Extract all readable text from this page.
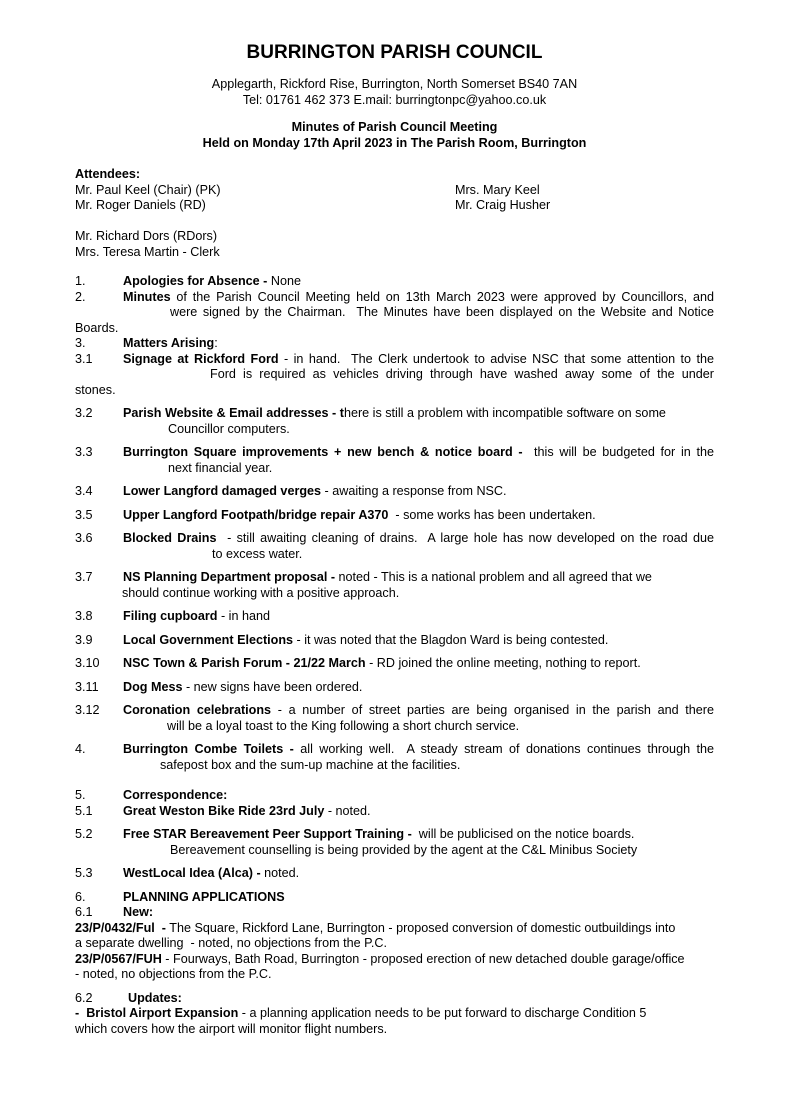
BURRINGTON PARISH COUNCIL
Applegarth, Rickford Rise, Burrington, North Somerset BS40 7AN
Tel: 01761 462 373 E.mail: burringtonpc@yahoo.co.uk
Minutes of Parish Council Meeting
Held on Monday 17th April 2023 in The Parish Room, Burrington
Attendees:
Mr. Paul Keel (Chair) (PK)	Mrs. Mary Keel
Mr. Roger Daniels (RD)	Mr. Craig Husher
Mr. Richard Dors (RDors)
Mrs. Teresa Martin - Clerk
1.	Apologies for Absence - None
2.	Minutes of the Parish Council Meeting held on 13th March 2023 were approved by Councillors, and
were signed by the Chairman.  The Minutes have been displayed on the Website and Notice
Boards.
3.	Matters Arising:
3.1	Signage at Rickford Ford - in hand.  The Clerk undertook to advise NSC that some attention to the
Ford is required as vehicles driving through have washed away some of the under
stones.
3.2	Parish Website & Email addresses - there is still a problem with incompatible software on some
Councillor computers.
3.3	Burrington Square improvements + new bench & notice board -  this will be budgeted for in the
next financial year.
3.4	Lower Langford damaged verges - awaiting a response from NSC.
3.5	Upper Langford Footpath/bridge repair A370  - some works has been undertaken.
3.6	Blocked Drains  - still awaiting cleaning of drains.  A large hole has now developed on the road due
to excess water.
3.7	NS Planning Department proposal - noted - This is a national problem and all agreed that we
should continue working with a positive approach.
3.8	Filing cupboard - in hand
3.9	Local Government Elections - it was noted that the Blagdon Ward is being contested.
3.10	NSC Town & Parish Forum - 21/22 March - RD joined the online meeting, nothing to report.
3.11	Dog Mess - new signs have been ordered.
3.12	Coronation celebrations - a number of street parties are being organised in the parish and there
will be a loyal toast to the King following a short church service.
4.	Burrington Combe Toilets - all working well.  A steady stream of donations continues through the
safepost box and the sum-up machine at the facilities.
5.	Correspondence:
5.1	Great Weston Bike Ride 23rd July - noted.
5.2	Free STAR Bereavement Peer Support Training -  will be publicised on the notice boards.
Bereavement counselling is being provided by the agent at the C&L Minibus Society
5.3	WestLocal Idea (Alca) - noted.
6.	PLANNING APPLICATIONS
6.1	New:
23/P/0432/Ful  - The Square, Rickford Lane, Burrington - proposed conversion of domestic outbuildings into
a separate dwelling  - noted, no objections from the P.C.
23/P/0567/FUH - Fourways, Bath Road, Burrington - proposed erection of new detached double garage/office
- noted, no objections from the P.C.
6.2	Updates:
-  Bristol Airport Expansion - a planning application needs to be put forward to discharge Condition 5
which covers how the airport will monitor flight numbers.
